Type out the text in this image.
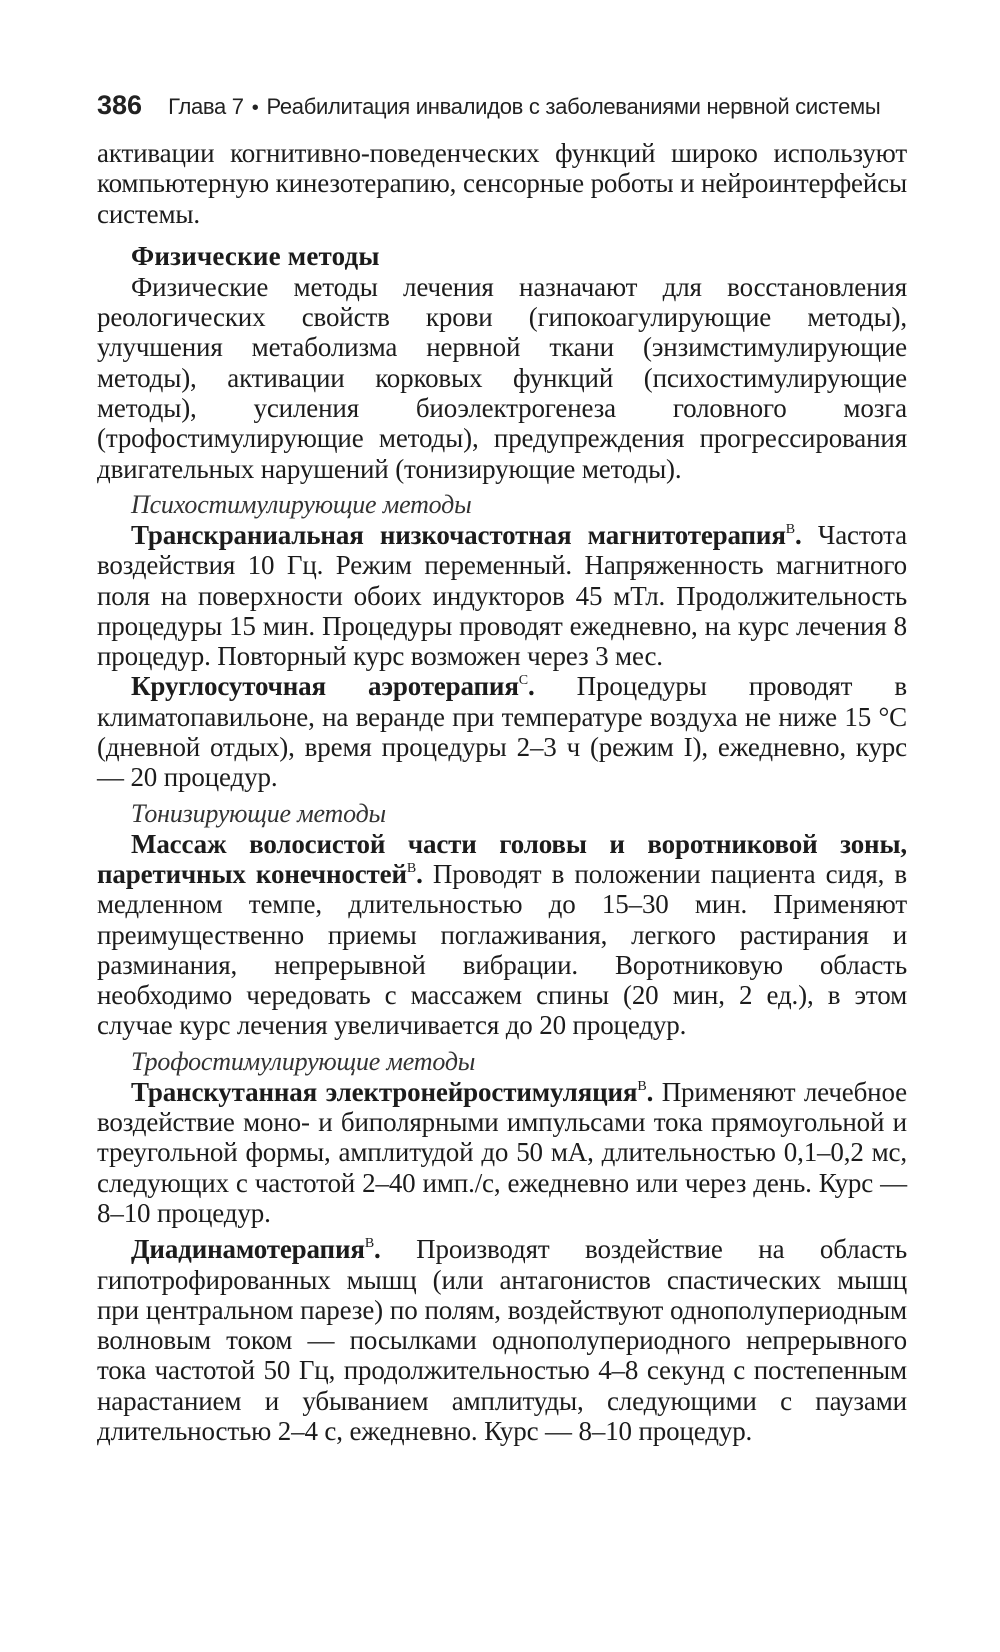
386 Глава 7 • Реабилитация инвалидов с заболеваниями нервной системы

активации когнитивно-поведенческих функций широко используют компьютерную кинезотерапию, сенсорные роботы и нейроинтерфейсы системы.

Физические методы

Физические методы лечения назначают для восстановления реологических свойств крови (гипокоагулирующие методы), улучшения метаболизма нервной ткани (энзимстимулирующие методы), активации корковых функций (психостимулирующие методы), усиления биоэлектрогенеза головного мозга (трофостимулирующие методы), предупреждения прогрессирования двигательных нарушений (тонизирующие методы).

Психостимулирующие методы

Транскраниальная низкочастотная магнитотерапия$^B$. Частота воздействия 10 Гц. Режим переменный. Напряженность магнитного поля на поверхности обоих индукторов 45 мТл. Продолжительность процедуры 15 мин. Процедуры проводят ежедневно, на курс лечения 8 процедур. Повторный курс возможен через 3 мес.

Круглосуточная аэротерапия$^C$. Процедуры проводят в климатопавильоне, на веранде при температуре воздуха не ниже 15 °C (дневной отдых), время процедуры 2–3 ч (режим I), ежедневно, курс — 20 процедур.

Тонизирующие методы

Массаж волосистой части головы и воротниковой зоны, паретичных конечностей$^B$. Проводят в положении пациента сидя, в медленном темпе, длительностью до 15–30 мин. Применяют преимущественно приемы поглаживания, легкого растирания и разминания, непрерывной вибрации. Воротниковую область необходимо чередовать с массажем спины (20 мин, 2 ед.), в этом случае курс лечения увеличивается до 20 процедур.

Трофостимулирующие методы

Транскутанная электронейростимуляция$^B$. Применяют лечебное воздействие моно- и биполярными импульсами тока прямоугольной и треугольной формы, амплитудой до 50 мА, длительностью 0,1–0,2 мс, следующих с частотой 2–40 имп./с, ежедневно или через день. Курс — 8–10 процедур.

Диадинамотерапия$^B$. Производят воздействие на область гипотрофированных мышц (или антагонистов спастических мышц при центральном парезе) по полям, воздействуют однополупериодным волновым током — посылками однополупериодного непрерывного тока частотой 50 Гц, продолжительностью 4–8 секунд с постепенным нарастанием и убыванием амплитуды, следующими с паузами длительностью 2–4 с, ежедневно. Курс — 8–10 процедур.
